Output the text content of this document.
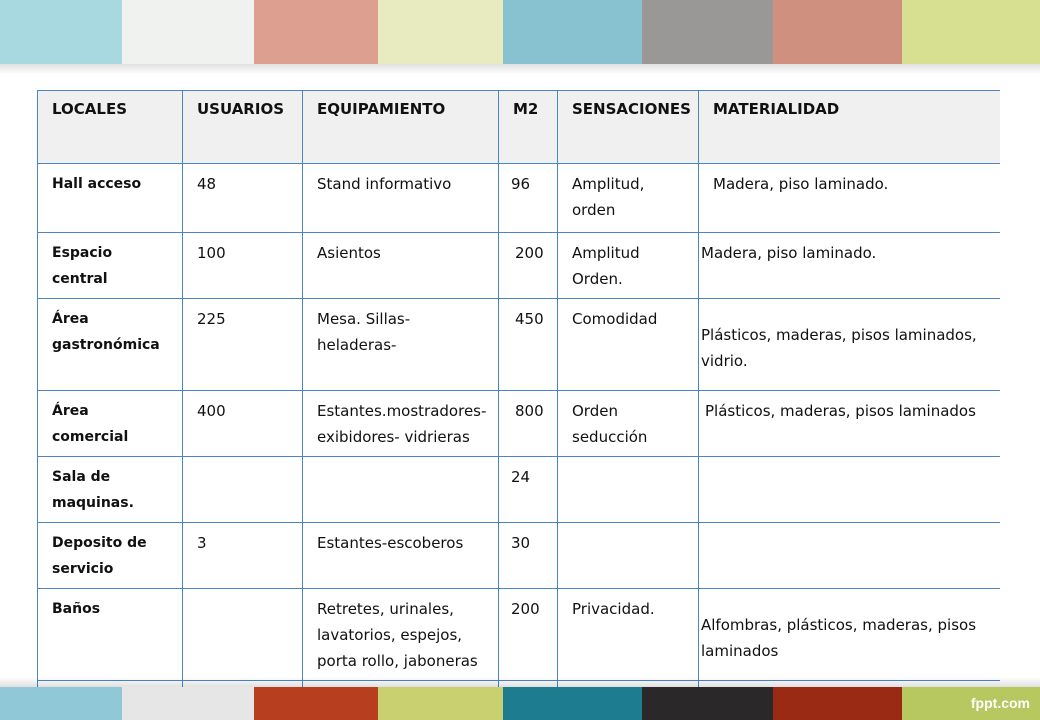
LOCALES	USUARIOS	EQUIPAMIENTO	M2	SENSACIONES	MATERIALIDAD
Hall acceso	48	Stand informativo	96	Amplitud, orden	Madera, piso laminado.
Espacio central	100	Asientos	200	Amplitud Orden.	Madera, piso laminado.
Área gastronómica	225	Mesa. Sillas- heladeras-	450	Comodidad	Plásticos, maderas, pisos laminados, vidrio.
Área comercial	400	Estantes.mostradores- exibidores- vidrieras	800	Orden seducción	Plásticos, maderas, pisos laminados
Sala de maquinas.			24		
Deposito de servicio	3	Estantes-escoberos	30		
Baños		Retretes, urinales, lavatorios, espejos, porta rollo, jaboneras	200	Privacidad.	Alfombras, plásticos, maderas, pisos laminados

fppt.com
